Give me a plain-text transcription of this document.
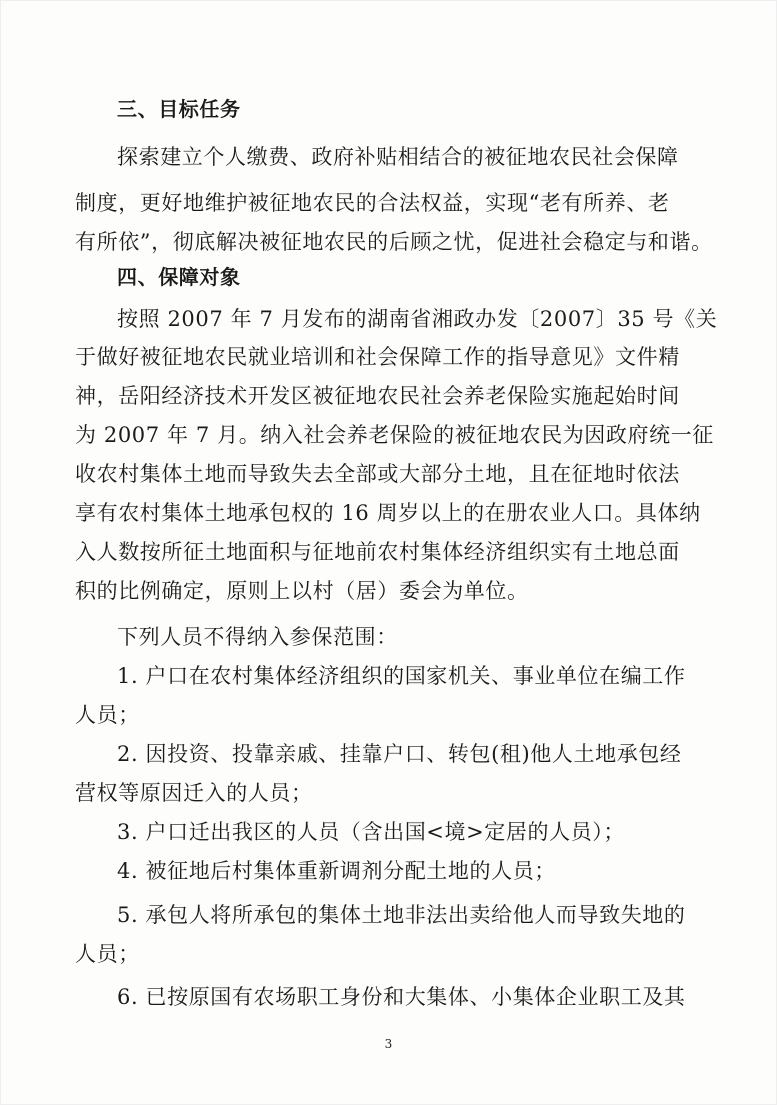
三、目标任务
探索建立个人缴费、政府补贴相结合的被征地农民社会保障
制度，更好地维护被征地农民的合法权益，实现“老有所养、老
有所依”，彻底解决被征地农民的后顾之忧，促进社会稳定与和谐。
四、保障对象
按照 2007 年 7 月发布的湖南省湘政办发〔2007〕35 号《关
于做好被征地农民就业培训和社会保障工作的指导意见》文件精
神，岳阳经济技术开发区被征地农民社会养老保险实施起始时间
为 2007 年 7 月。纳入社会养老保险的被征地农民为因政府统一征
收农村集体土地而导致失去全部或大部分土地，且在征地时依法
享有农村集体土地承包权的 16 周岁以上的在册农业人口。具体纳
入人数按所征土地面积与征地前农村集体经济组织实有土地总面
积的比例确定，原则上以村（居）委会为单位。
下列人员不得纳入参保范围：
1. 户口在农村集体经济组织的国家机关、事业单位在编工作
人员；
2. 因投资、投靠亲戚、挂靠户口、转包(租)他人土地承包经
营权等原因迁入的人员；
3. 户口迁出我区的人员（含出国<境>定居的人员）；
4. 被征地后村集体重新调剂分配土地的人员；
5. 承包人将所承包的集体土地非法出卖给他人而导致失地的
人员；
6. 已按原国有农场职工身份和大集体、小集体企业职工及其
3
